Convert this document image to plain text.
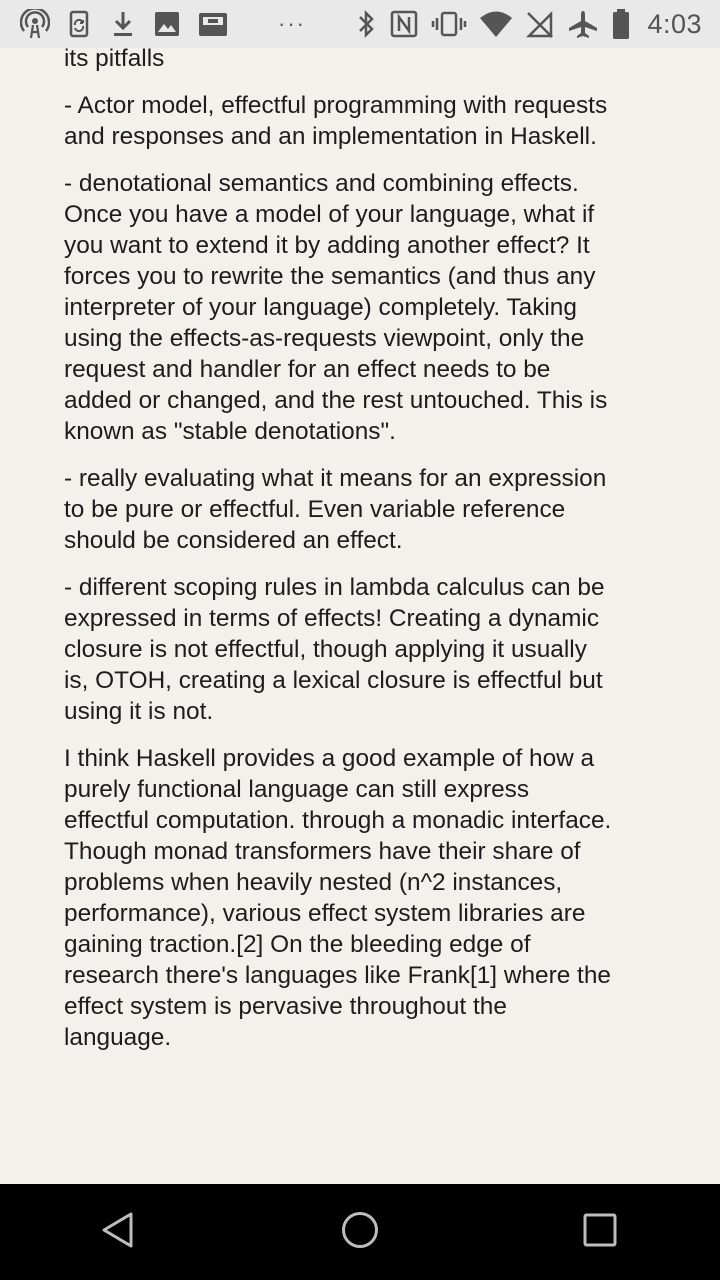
···	4:03

its pitfalls

- Actor model, effectful programming with requests and responses and an implementation in Haskell.

- denotational semantics and combining effects. Once you have a model of your language, what if you want to extend it by adding another effect? It forces you to rewrite the semantics (and thus any interpreter of your language) completely. Taking using the effects-as-requests viewpoint, only the request and handler for an effect needs to be added or changed, and the rest untouched. This is known as "stable denotations".

- really evaluating what it means for an expression to be pure or effectful. Even variable reference should be considered an effect.

- different scoping rules in lambda calculus can be expressed in terms of effects! Creating a dynamic closure is not effectful, though applying it usually is, OTOH, creating a lexical closure is effectful but using it is not.

I think Haskell provides a good example of how a purely functional language can still express effectful computation. through a monadic interface. Though monad transformers have their share of problems when heavily nested (n^2 instances, performance), various effect system libraries are gaining traction.[2] On the bleeding edge of research there's languages like Frank[1] where the effect system is pervasive throughout the language.
